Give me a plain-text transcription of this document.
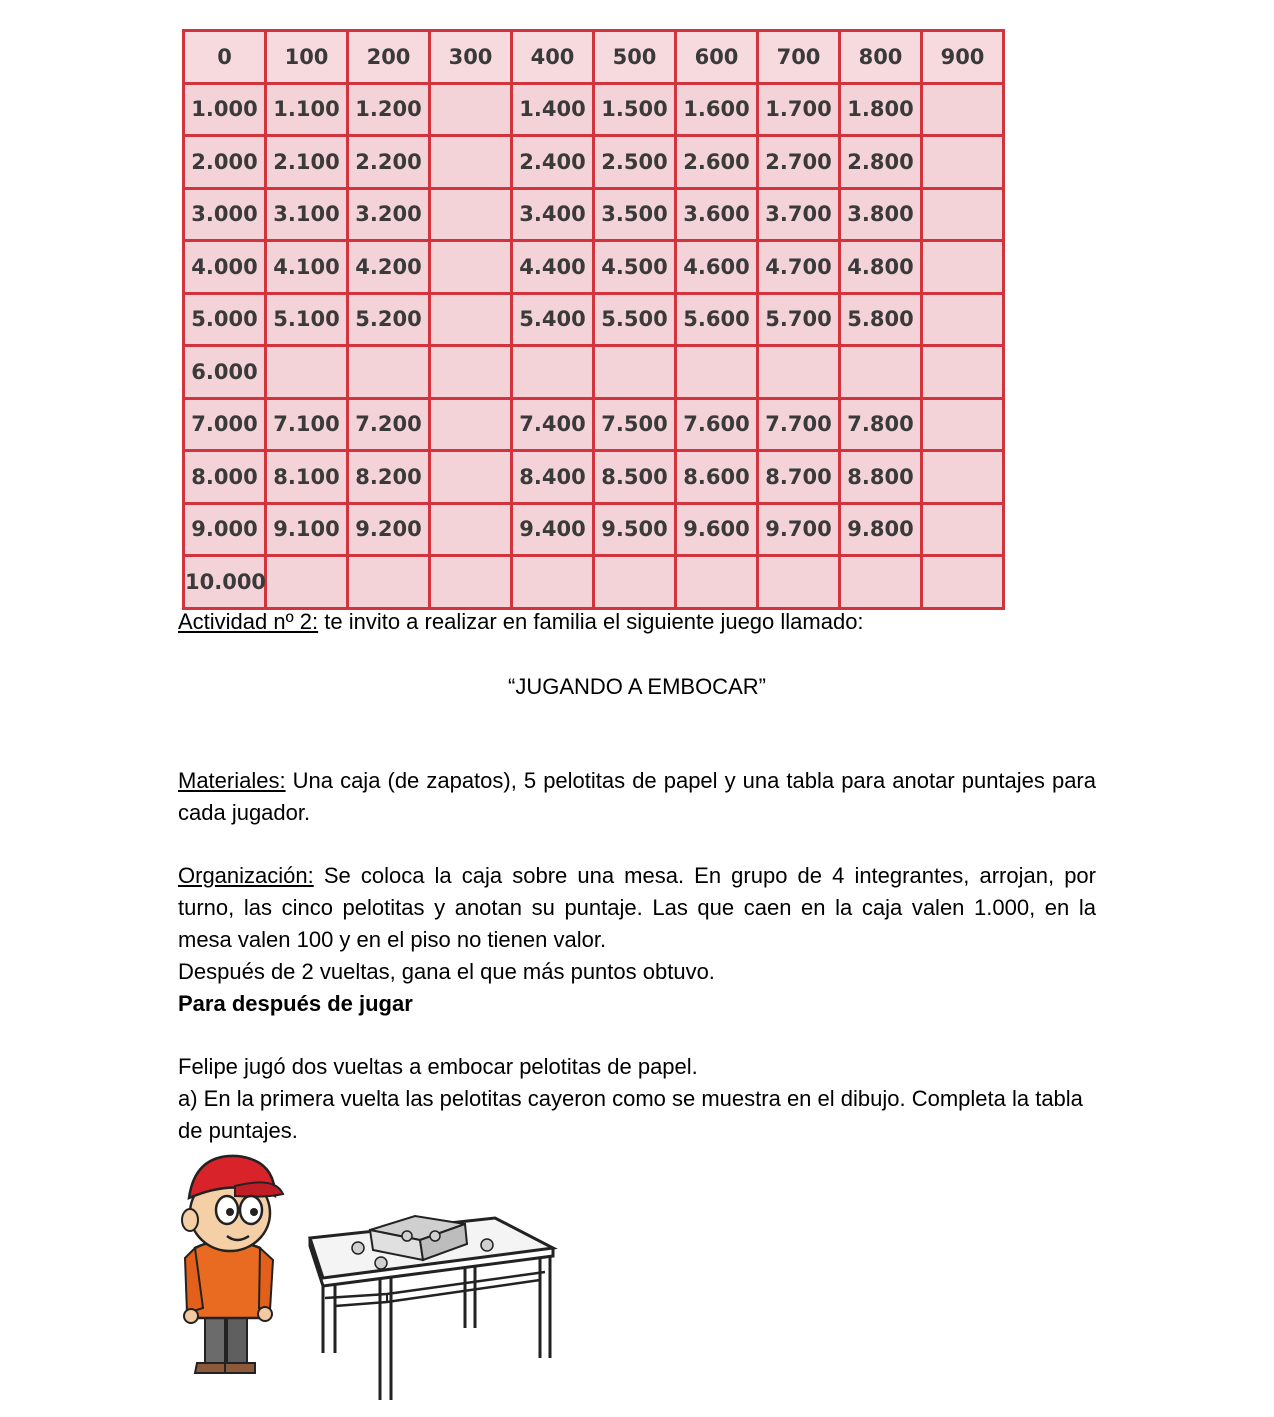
0	100	200	300	400	500	600	700	800	900
1.000	1.100	1.200		1.400	1.500	1.600	1.700	1.800	
2.000	2.100	2.200		2.400	2.500	2.600	2.700	2.800	
3.000	3.100	3.200		3.400	3.500	3.600	3.700	3.800	
4.000	4.100	4.200		4.400	4.500	4.600	4.700	4.800	
5.000	5.100	5.200		5.400	5.500	5.600	5.700	5.800	
6.000									
7.000	7.100	7.200		7.400	7.500	7.600	7.700	7.800	
8.000	8.100	8.200		8.400	8.500	8.600	8.700	8.800	
9.000	9.100	9.200		9.400	9.500	9.600	9.700	9.800	
10.000									
Actividad nº 2: te invito a realizar en familia el siguiente juego llamado:
“JUGANDO A EMBOCAR”
Materiales: Una caja (de zapatos), 5 pelotitas de papel y una tabla para anotar puntajes para cada jugador.

Organización: Se coloca la caja sobre una mesa. En grupo de 4 integrantes, arrojan, por turno, las cinco pelotitas y anotan su puntaje. Las que caen en la caja valen 1.000, en la mesa valen 100 y en el piso no tienen valor.

Después de 2 vueltas, gana el que más puntos obtuvo.

Para después de jugar

Felipe jugó dos vueltas a embocar pelotitas de papel.

a) En la primera vuelta las pelotitas cayeron como se muestra en el dibujo. Completa la tabla de puntajes.
